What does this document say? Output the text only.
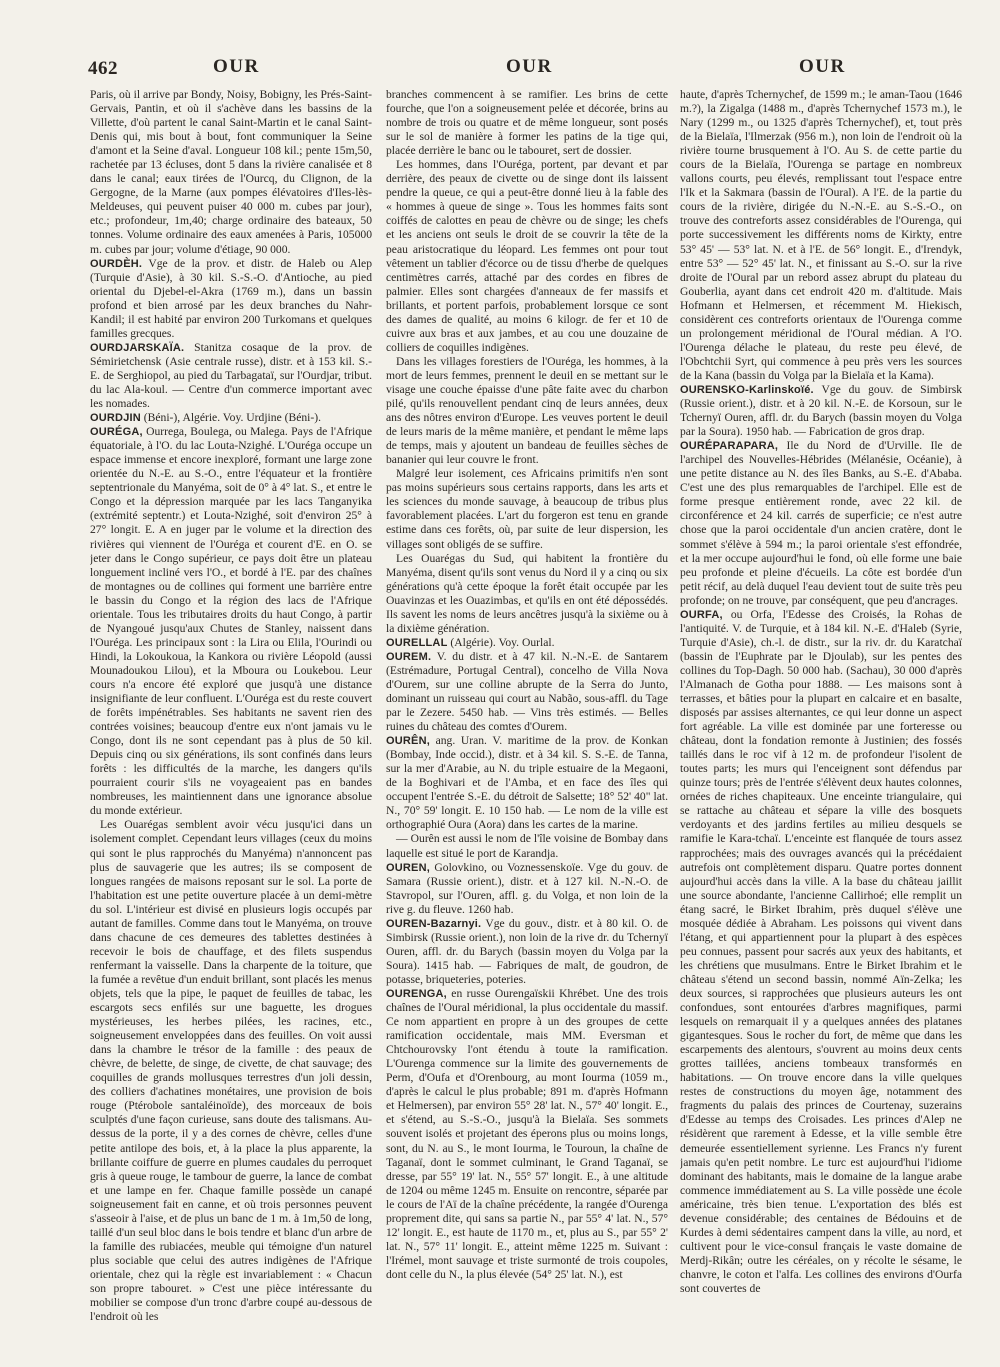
462	OUR	OUR	OUR

Paris, où il arrive par Bondy, Noisy, Bobigny, les Prés-Saint-Gervais, Pantin, et où il s'achève dans les bassins de la Villette, d'où partent le canal Saint-Martin et le canal Saint-Denis qui, mis bout à bout, font communiquer la Seine d'amont et la Seine d'aval. Longueur 108 kil.; pente 15m,50, rachetée par 13 écluses, dont 5 dans la rivière canalisée et 8 dans le canal; eaux tirées de l'Ourcq, du Clignon, de la Gergogne, de la Marne (aux pompes élévatoires d'Iles-lès-Meldeuses, qui peuvent puiser 40 000 m. cubes par jour), etc.; profondeur, 1m,40; charge ordinaire des bateaux, 50 tonnes. Volume ordinaire des eaux amenées à Paris, 105000 m. cubes par jour; volume d'étiage, 90 000.

OURDÈH. Vge de la prov. et distr. de Haleb ou Alep (Turquie d'Asie), à 30 kil. S.-S.-O. d'Antioche, au pied oriental du Djebel-el-Akra (1769 m.), dans un bassin profond et bien arrosé par les deux branches du Nahr-Kandil; il est habité par environ 200 Turkomans et quelques familles grecques.

OURDJARSKAÏA. Stanitza cosaque de la prov. de Sémirietchensk (Asie centrale russe), distr. et à 153 kil. S.-E. de Serghiopol, au pied du Tarbagataï, sur l'Ourdjar, tribut. du lac Ala-koul. — Centre d'un commerce important avec les nomades.

OURDJIN (Béni-), Algérie. Voy. Urdjine (Béni-).

OURÉGA, Ourrega, Boulega, ou Malega. Pays de l'Afrique équatoriale, à l'O. du lac Louta-Nzighé. L'Ouréga occupe un espace immense et encore inexploré, formant une large zone orientée du N.-E. au S.-O., entre l'équateur et la frontière septentrionale du Manyéma, soit de 0° à 4° lat. S., et entre le Congo et la dépression marquée par les lacs Tanganyika (extrémité septentr.) et Louta-Nzighé, soit d'environ 25° à 27° longit. E. A en juger par le volume et la direction des rivières qui viennent de l'Ouréga et courent d'E. en O. se jeter dans le Congo supérieur, ce pays doit être un plateau longuement incliné vers l'O., et bordé à l'E. par des chaînes de montagnes ou de collines qui forment une barrière entre le bassin du Congo et la région des lacs de l'Afrique orientale. Tous les tributaires droits du haut Congo, à partir de Nyangoué jusqu'aux Chutes de Stanley, naissent dans l'Ouréga. Les principaux sont : la Lira ou Elila, l'Ourindi ou Hindi, la Lokoukoua, la Kankora ou rivière Léopold (aussi Mounadoukou Lilou), et la Mboura ou Loukebou. Leur cours n'a encore été exploré que jusqu'à une distance insignifiante de leur confluent. L'Ouréga est du reste couvert de forêts impénétrables. Ses habitants ne savent rien des contrées voisines; beaucoup d'entre eux n'ont jamais vu le Congo, dont ils ne sont cependant pas à plus de 50 kil. Depuis cinq ou six générations, ils sont confinés dans leurs forêts : les difficultés de la marche, les dangers qu'ils pourraient courir s'ils ne voyageaient pas en bandes nombreuses, les maintiennent dans une ignorance absolue du monde extérieur.

Les Ouarégas semblent avoir vécu jusqu'ici dans un isolement complet. Cependant leurs villages (ceux du moins qui sont le plus rapprochés du Manyéma) n'annoncent pas plus de sauvagerie que les autres; ils se composent de longues rangées de maisons reposant sur le sol. La porte de l'habitation est une petite ouverture placée à un demi-mètre du sol. L'intérieur est divisé en plusieurs logis occupés par autant de familles. Comme dans tout le Manyéma, on trouve dans chacune de ces demeures des tablettes destinées à recevoir le bois de chauffage, et des filets suspendus renfermant la vaisselle. Dans la charpente de la toiture, que la fumée a revêtue d'un enduit brillant, sont placés les menus objets, tels que la pipe, le paquet de feuilles de tabac, les escargots secs enfilés sur une baguette, les drogues mystérieuses, les herbes pilées, les racines, etc., soigneusement enveloppées dans des feuilles. On voit aussi dans la chambre le trésor de la famille : des peaux de chèvre, de belette, de singe, de civette, de chat sauvage; des coquilles de grands mollusques terrestres d'un joli dessin, des colliers d'achatines monétaires, une provision de bois rouge (Ptérobole santaléinoïde), des morceaux de bois sculptés d'une façon curieuse, sans doute des talismans. Au-dessus de la porte, il y a des cornes de chèvre, celles d'une petite antilope des bois, et, à la place la plus apparente, la brillante coiffure de guerre en plumes caudales du perroquet gris à queue rouge, le tambour de guerre, la lance de combat et une lampe en fer. Chaque famille possède un canapé soigneusement fait en canne, et où trois personnes peuvent s'asseoir à l'aise, et de plus un banc de 1 m. à 1m,50 de long, taillé d'un seul bloc dans le bois tendre et blanc d'un arbre de la famille des rubiacées, meuble qui témoigne d'un naturel plus sociable que celui des autres indigènes de l'Afrique orientale, chez qui la règle est invariablement : « Chacun son propre tabouret. » C'est une pièce intéressante du mobilier se compose d'un tronc d'arbre coupé au-dessous de l'endroit où les

branches commencent à se ramifier. Les brins de cette fourche, que l'on a soigneusement pelée et décorée, brins au nombre de trois ou quatre et de même longueur, sont posés sur le sol de manière à former les patins de la tige qui, placée derrière le banc ou le tabouret, sert de dossier.

Les hommes, dans l'Ouréga, portent, par devant et par derrière, des peaux de civette ou de singe dont ils laissent pendre la queue, ce qui a peut-être donné lieu à la fable des « hommes à queue de singe ». Tous les hommes faits sont coiffés de calottes en peau de chèvre ou de singe; les chefs et les anciens ont seuls le droit de se couvrir la tête de la peau aristocratique du léopard. Les femmes ont pour tout vêtement un tablier d'écorce ou de tissu d'herbe de quelques centimètres carrés, attaché par des cordes en fibres de palmier. Elles sont chargées d'anneaux de fer massifs et brillants, et portent parfois, probablement lorsque ce sont des dames de qualité, au moins 6 kilogr. de fer et 10 de cuivre aux bras et aux jambes, et au cou une douzaine de colliers de coquilles indigènes.

Dans les villages forestiers de l'Ouréga, les hommes, à la mort de leurs femmes, prennent le deuil en se mettant sur le visage une couche épaisse d'une pâte faite avec du charbon pilé, qu'ils renouvellent pendant cinq de leurs années, deux ans des nôtres environ d'Europe. Les veuves portent le deuil de leurs maris de la même manière, et pendant le même laps de temps, mais y ajoutent un bandeau de feuilles sèches de bananier qui leur couvre le front.

Malgré leur isolement, ces Africains primitifs n'en sont pas moins supérieurs sous certains rapports, dans les arts et les sciences du monde sauvage, à beaucoup de tribus plus favorablement placées. L'art du forgeron est tenu en grande estime dans ces forêts, où, par suite de leur dispersion, les villages sont obligés de se suffire.

Les Ouarégas du Sud, qui habitent la frontière du Manyéma, disent qu'ils sont venus du Nord il y a cinq ou six générations qu'à cette époque la forêt était occupée par les Ouavinzas et les Ouazimbas, et qu'ils en ont été dépossédés. Ils savent les noms de leurs ancêtres jusqu'à la sixième ou à la dixième génération.

OURELLAL (Algérie). Voy. Ourlal.

OUREM. V. du distr. et à 47 kil. N.-N.-E. de Santarem (Estrémadure, Portugal Central), concelho de Villa Nova d'Ourem, sur une colline abrupte de la Serra do Junto, dominant un ruisseau qui court au Nabão, sous-affl. du Tage par le Zezere. 5450 hab. — Vins très estimés. — Belles ruines du château des comtes d'Ourem.

OURÊN, ang. Uran. V. maritime de la prov. de Konkan (Bombay, Inde occid.), distr. et à 34 kil. S. S.-E. de Tanna, sur la mer d'Arabie, au N. du triple estuaire de la Megaoni, de la Boghivari et de l'Amba, et en face des îles qui occupent l'entrée S.-E. du détroit de Salsette; 18° 52' 40" lat. N., 70° 59' longit. E. 10 150 hab. — Le nom de la ville est orthographié Oura (Aora) dans les cartes de la marine.

— Ourên est aussi le nom de l'île voisine de Bombay dans laquelle est situé le port de Karandja.

OUREN, Golovkino, ou Voznessenskoïe. Vge du gouv. de Samara (Russie orient.), distr. et à 127 kil. N.-N.-O. de Stavropol, sur l'Ouren, affl. g. du Volga, et non loin de la rive g. du fleuve. 1260 hab.

OUREN-Bazarnyi. Vge du gouv., distr. et à 80 kil. O. de Simbirsk (Russie orient.), non loin de la rive dr. du Tchernyï Ouren, affl. dr. du Barych (bassin moyen du Volga par la Soura). 1415 hab. — Fabriques de malt, de goudron, de potasse, briqueteries, poteries.

OURENGA, en russe Ourengaïskii Khrébet. Une des trois chaînes de l'Oural méridional, la plus occidentale du massif. Ce nom appartient en propre à un des groupes de cette ramification occidentale, mais MM. Eversman et Chtchourovsky l'ont étendu à toute la ramification. L'Ourenga commence sur la limite des gouvernements de Perm, d'Oufa et d'Orenbourg, au mont Iourma (1059 m., d'après le calcul le plus probable; 891 m. d'après Hofmann et Helmersen), par environ 55° 28' lat. N., 57° 40' longit. E., et s'étend, au S.-S.-O., jusqu'à la Bielaïa. Ses sommets souvent isolés et projetant des éperons plus ou moins longs, sont, du N. au S., le mont Iourma, le Touroun, la chaîne de Taganaï, dont le sommet culminant, le Grand Taganaï, se dresse, par 55° 19' lat. N., 55° 57' longit. E., à une altitude de 1204 ou même 1245 m. Ensuite on rencontre, séparée par le cours de l'Aï de la chaîne précédente, la rangée d'Ourenga proprement dite, qui sans sa partie N., par 55° 4' lat. N., 57° 12' longit. E., est haute de 1170 m., et, plus au S., par 55° 2' lat. N., 57° 11' longit. E., atteint même 1225 m. Suivant : l'Irémel, mont sauvage et triste surmonté de trois coupoles, dont celle du N., la plus élevée (54° 25' lat. N.), est

haute, d'après Tchernychef, de 1599 m.; le aman-Taou (1646 m.?), la Zigalga (1488 m., d'après Tchernychef 1573 m.), le Nary (1299 m., ou 1325 d'après Tchernychef), et, tout près de la Bielaïa, l'Ilmerzak (956 m.), non loin de l'endroit où la rivière tourne brusquement à l'O. Au S. de cette partie du cours de la Bielaïa, l'Ourenga se partage en nombreux vallons courts, peu élevés, remplissant tout l'espace entre l'Ik et la Sakmara (bassin de l'Oural). A l'E. de la partie du cours de la rivière, dirigée du N.-N.-E. au S.-S.-O., on trouve des contreforts assez considérables de l'Ourenga, qui porte successivement les différents noms de Kirkty, entre 53° 45' — 53° lat. N. et à l'E. de 56° longit. E., d'Irendyk, entre 53° — 52° 45' lat. N., et finissant au S.-O. sur la rive droite de l'Oural par un rebord assez abrupt du plateau du Gouberlia, ayant dans cet endroit 420 m. d'altitude. Mais Hofmann et Helmersen, et récemment M. Hiekisch, considèrent ces contreforts orientaux de l'Ourenga comme un prolongement méridional de l'Oural médian. A l'O. l'Ourenga délache le plateau, du reste peu élevé, de l'Obchtchii Syrt, qui commence à peu près vers les sources de la Kana (bassin du Volga par la Bielaïa et la Kama).

OURENSKO-Karlinskoïé. Vge du gouv. de Simbirsk (Russie orient.), distr. et à 20 kil. N.-E. de Korsoun, sur le Tchernyï Ouren, affl. dr. du Barych (bassin moyen du Volga par la Soura). 1950 hab. — Fabrication de gros drap.

OURÉPARAPARA, Ile du Nord de d'Urville. Ile de l'archipel des Nouvelles-Hébrides (Mélanésie, Océanie), à une petite distance au N. des îles Banks, au S.-E. d'Ababa. C'est une des plus remarquables de l'archipel. Elle est de forme presque entièrement ronde, avec 22 kil. de circonférence et 24 kil. carrés de superficie; ce n'est autre chose que la paroi occidentale d'un ancien cratère, dont le sommet s'élève à 594 m.; la paroi orientale s'est effondrée, et la mer occupe aujourd'hui le fond, où elle forme une baie peu profonde et pleine d'écueils. La côte est bordée d'un petit récif, au delà duquel l'eau devient tout de suite très peu profonde; on ne trouve, par conséquent, que peu d'ancrages.

OURFA, ou Orfa, l'Edesse des Croisés, la Rohas de l'antiquité. V. de Turquie, et à 184 kil. N.-E. d'Haleb (Syrie, Turquie d'Asie), ch.-l. de distr., sur la riv. dr. du Karatchaï (bassin de l'Euphrate par le Djoulab), sur les pentes des collines du Top-Dagh. 50 000 hab. (Sachau), 30 000 d'après l'Almanach de Gotha pour 1888. — Les maisons sont à terrasses, et bâties pour la plupart en calcaire et en basalte, disposés par assises alternantes, ce qui leur donne un aspect fort agréable. La ville est dominée par une forteresse ou château, dont la fondation remonte à Justinien; des fossés taillés dans le roc vif à 12 m. de profondeur l'isolent de toutes parts; les murs qui l'enceignent sont défendus par quinze tours; près de l'entrée s'élèvent deux hautes colonnes, ornées de riches chapiteaux. Une enceinte triangulaire, qui se rattache au château et sépare la ville des bosquets verdoyants et des jardins fertiles au milieu desquels se ramifie le Kara-tchaï. L'enceinte est flanquée de tours assez rapprochées; mais des ouvrages avancés qui la précédaient autrefois ont complètement disparu. Quatre portes donnent aujourd'hui accès dans la ville. A la base du château jaillit une source abondante, l'ancienne Callirhoé; elle remplit un étang sacré, le Birket Ibrahim, près duquel s'élève une mosquée dédiée à Abraham. Les poissons qui vivent dans l'étang, et qui appartiennent pour la plupart à des espèces peu connues, passent pour sacrés aux yeux des habitants, et les chrétiens que musulmans. Entre le Birket Ibrahim et le château s'étend un second bassin, nommé Aïn-Zelka; les deux sources, si rapprochées que plusieurs auteurs les ont confondues, sont entourées d'arbres magnifiques, parmi lesquels on remarquait il y a quelques années des platanes gigantesques. Sous le rocher du fort, de même que dans les escarpements des alentours, s'ouvrent au moins deux cents grottes taillées, anciens tombeaux transformés en habitations. — On trouve encore dans la ville quelques restes de constructions du moyen âge, notamment des fragments du palais des princes de Courtenay, suzerains d'Edesse au temps des Croisades. Les princes d'Alep ne résidèrent que rarement à Edesse, et la ville semble être demeurée essentiellement syrienne. Les Francs n'y furent jamais qu'en petit nombre. Le turc est aujourd'hui l'idiome dominant des habitants, mais le domaine de la langue arabe commence immédiatement au S. La ville possède une école américaine, très bien tenue. L'exportation des blés est devenue considérable; des centaines de Bédouins et de Kurdes à demi sédentaires campent dans la ville, au nord, et cultivent pour le vice-consul français le vaste domaine de Merdj-Rikân; outre les céréales, on y récolte le sésame, le chanvre, le coton et l'alfa. Les collines des environs d'Ourfa sont couvertes de
